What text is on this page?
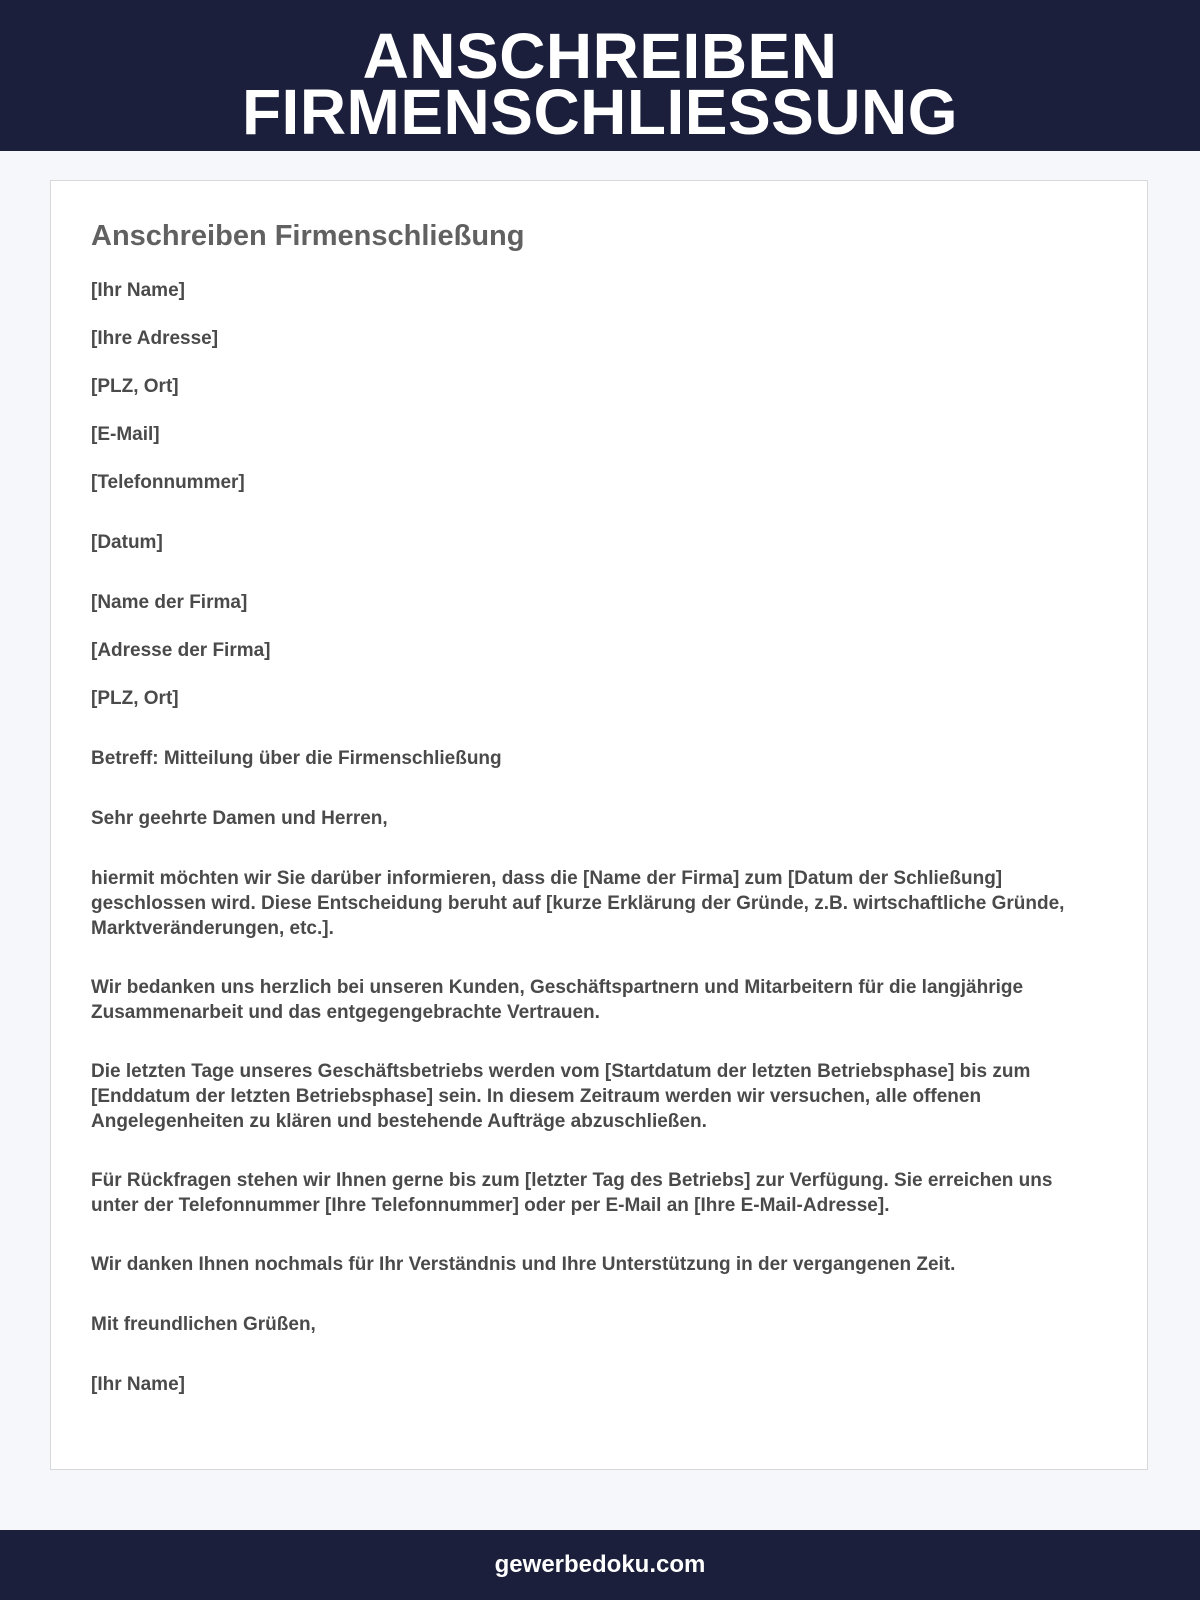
ANSCHREIBEN
FIRMENSCHLIESSUNG
Anschreiben Firmenschließung

[Ihr Name]

[Ihre Adresse]

[PLZ, Ort]

[E-Mail]

[Telefonnummer]

[Datum]

[Name der Firma]

[Adresse der Firma]

[PLZ, Ort]

Betreff: Mitteilung über die Firmenschließung

Sehr geehrte Damen und Herren,

hiermit möchten wir Sie darüber informieren, dass die [Name der Firma] zum [Datum der Schließung] geschlossen wird. Diese Entscheidung beruht auf [kurze Erklärung der Gründe, z.B. wirtschaftliche Gründe, Marktveränderungen, etc.].

Wir bedanken uns herzlich bei unseren Kunden, Geschäftspartnern und Mitarbeitern für die langjährige Zusammenarbeit und das entgegengebrachte Vertrauen.

Die letzten Tage unseres Geschäftsbetriebs werden vom [Startdatum der letzten Betriebsphase] bis zum [Enddatum der letzten Betriebsphase] sein. In diesem Zeitraum werden wir versuchen, alle offenen Angelegenheiten zu klären und bestehende Aufträge abzuschließen.

Für Rückfragen stehen wir Ihnen gerne bis zum [letzter Tag des Betriebs] zur Verfügung. Sie erreichen uns unter der Telefonnummer [Ihre Telefonnummer] oder per E-Mail an [Ihre E-Mail-Adresse].

Wir danken Ihnen nochmals für Ihr Verständnis und Ihre Unterstützung in der vergangenen Zeit.

Mit freundlichen Grüßen,

[Ihr Name]

gewerbedoku.com
